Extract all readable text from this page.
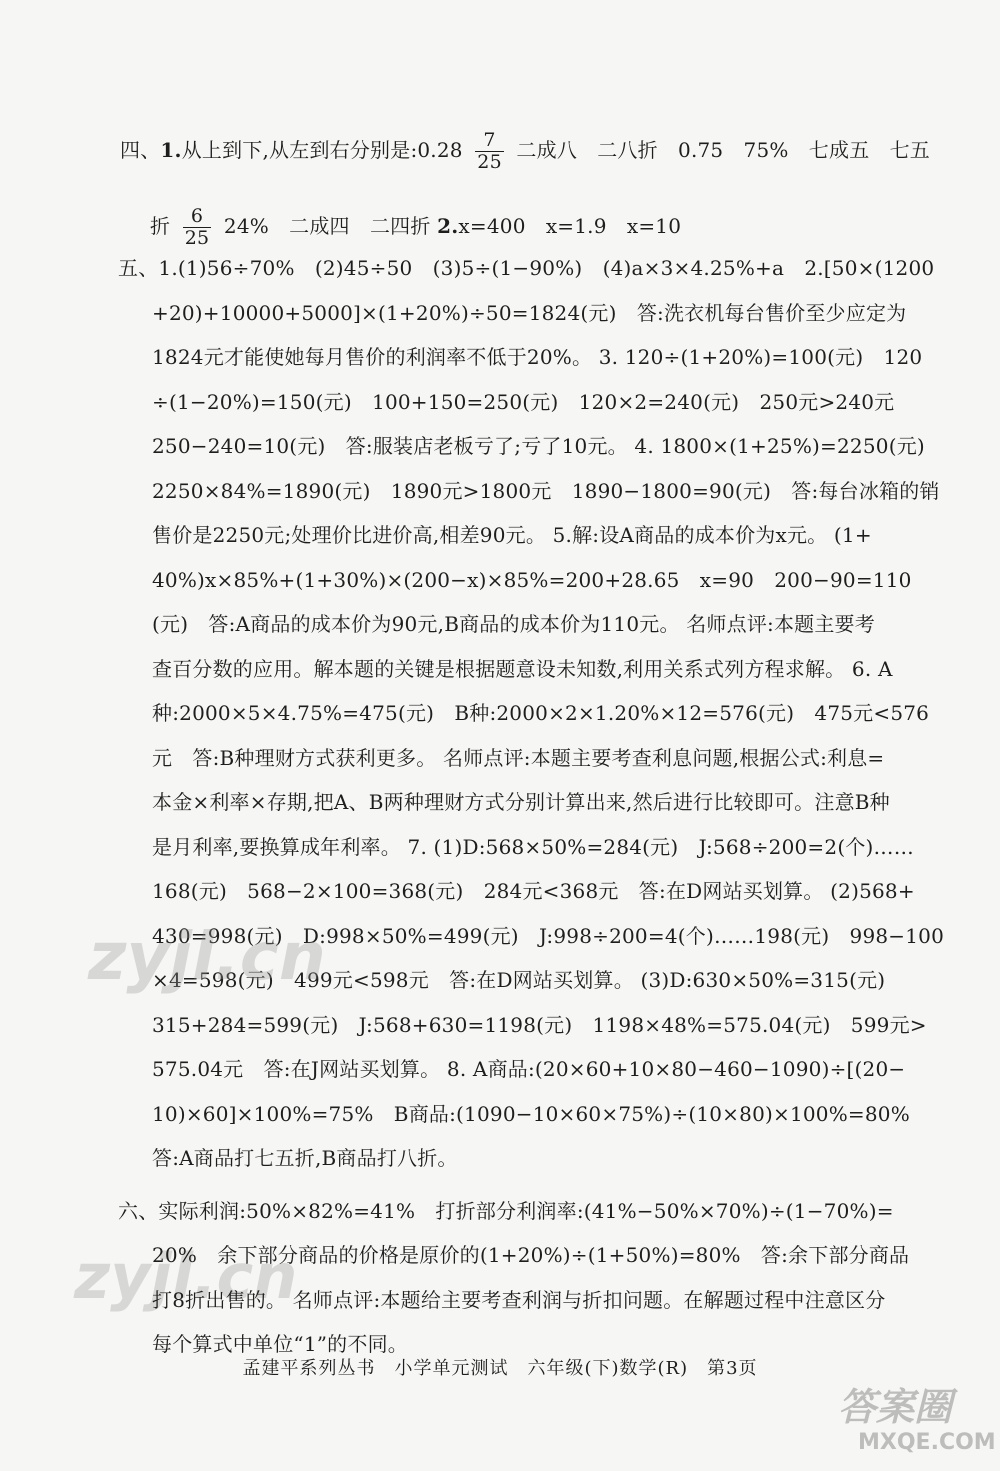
四、1.从上到下,从左到右分别是:0.28 $\frac{7}{25}$ 二成八　二八折　0.75　75%　七成五　七五
折 $\frac{6}{25} 24\%$　二成四　二四折 2.x=400　x=1.9　x=10
五、1.(1)56÷70%　(2)45÷50　(3)5÷(1−90%)　(4)a×3×4.25%+a　2.[50×(1200
+20)+10000+5000]×(1+20%)÷50=1824(元)　答:洗衣机每台售价至少应定为
1824元才能使她每月售价的利润率不低于20%。 3. 120÷(1+20%)=100(元)　120
÷(1−20%)=150(元)　100+150=250(元)　120×2=240(元)　250元>240元
250−240=10(元)　答:服装店老板亏了;亏了10元。 4. 1800×(1+25%)=2250(元)
2250×84%=1890(元)　1890元>1800元　1890−1800=90(元)　答:每台冰箱的销
售价是2250元;处理价比进价高,相差90元。 5.解:设A商品的成本价为x元。 (1+
40%)x×85%+(1+30%)×(200−x)×85%=200+28.65　x=90　200−90=110
(元)　答:A商品的成本价为90元,B商品的成本价为110元。 名师点评:本题主要考
查百分数的应用。解本题的关键是根据题意设未知数,利用关系式列方程求解。 6. A
种:2000×5×4.75%=475(元)　B种:2000×2×1.20%×12=576(元)　475元<576
元　答:B种理财方式获利更多。 名师点评:本题主要考查利息问题,根据公式:利息=
本金×利率×存期,把A、B两种理财方式分别计算出来,然后进行比较即可。注意B种
是月利率,要换算成年利率。 7. (1)D:568×50%=284(元)　J:568÷200=2(个)……
168(元)　568−2×100=368(元)　284元<368元　答:在D网站买划算。 (2)568+
430=998(元)　D:998×50%=499(元)　J:998÷200=4(个)……198(元)　998−100
×4=598(元)　499元<598元　答:在D网站买划算。 (3)D:630×50%=315(元)
315+284=599(元)　J:568+630=1198(元)　1198×48%=575.04(元)　599元>
575.04元　答:在J网站买划算。 8. A商品:(20×60+10×80−460−1090)÷[(20−
10)×60]×100%=75%　B商品:(1090−10×60×75%)÷(10×80)×100%=80%
答:A商品打七五折,B商品打八折。
孟建平系列丛书　小学单元测试　六年级(下)数学(R)　第3页
zyjl.cn
zyjl.cn
答案圈
MXQE.COM
六、实际利润:50%×82%=41%　打折部分利润率:(41%−50%×70%)÷(1−70%)=
20%　余下部分商品的价格是原价的(1+20%)÷(1+50%)=80%　答:余下部分商品
打8折出售的。 名师点评:本题给主要考查利润与折扣问题。在解题过程中注意区分
每个算式中单位“1”的不同。
